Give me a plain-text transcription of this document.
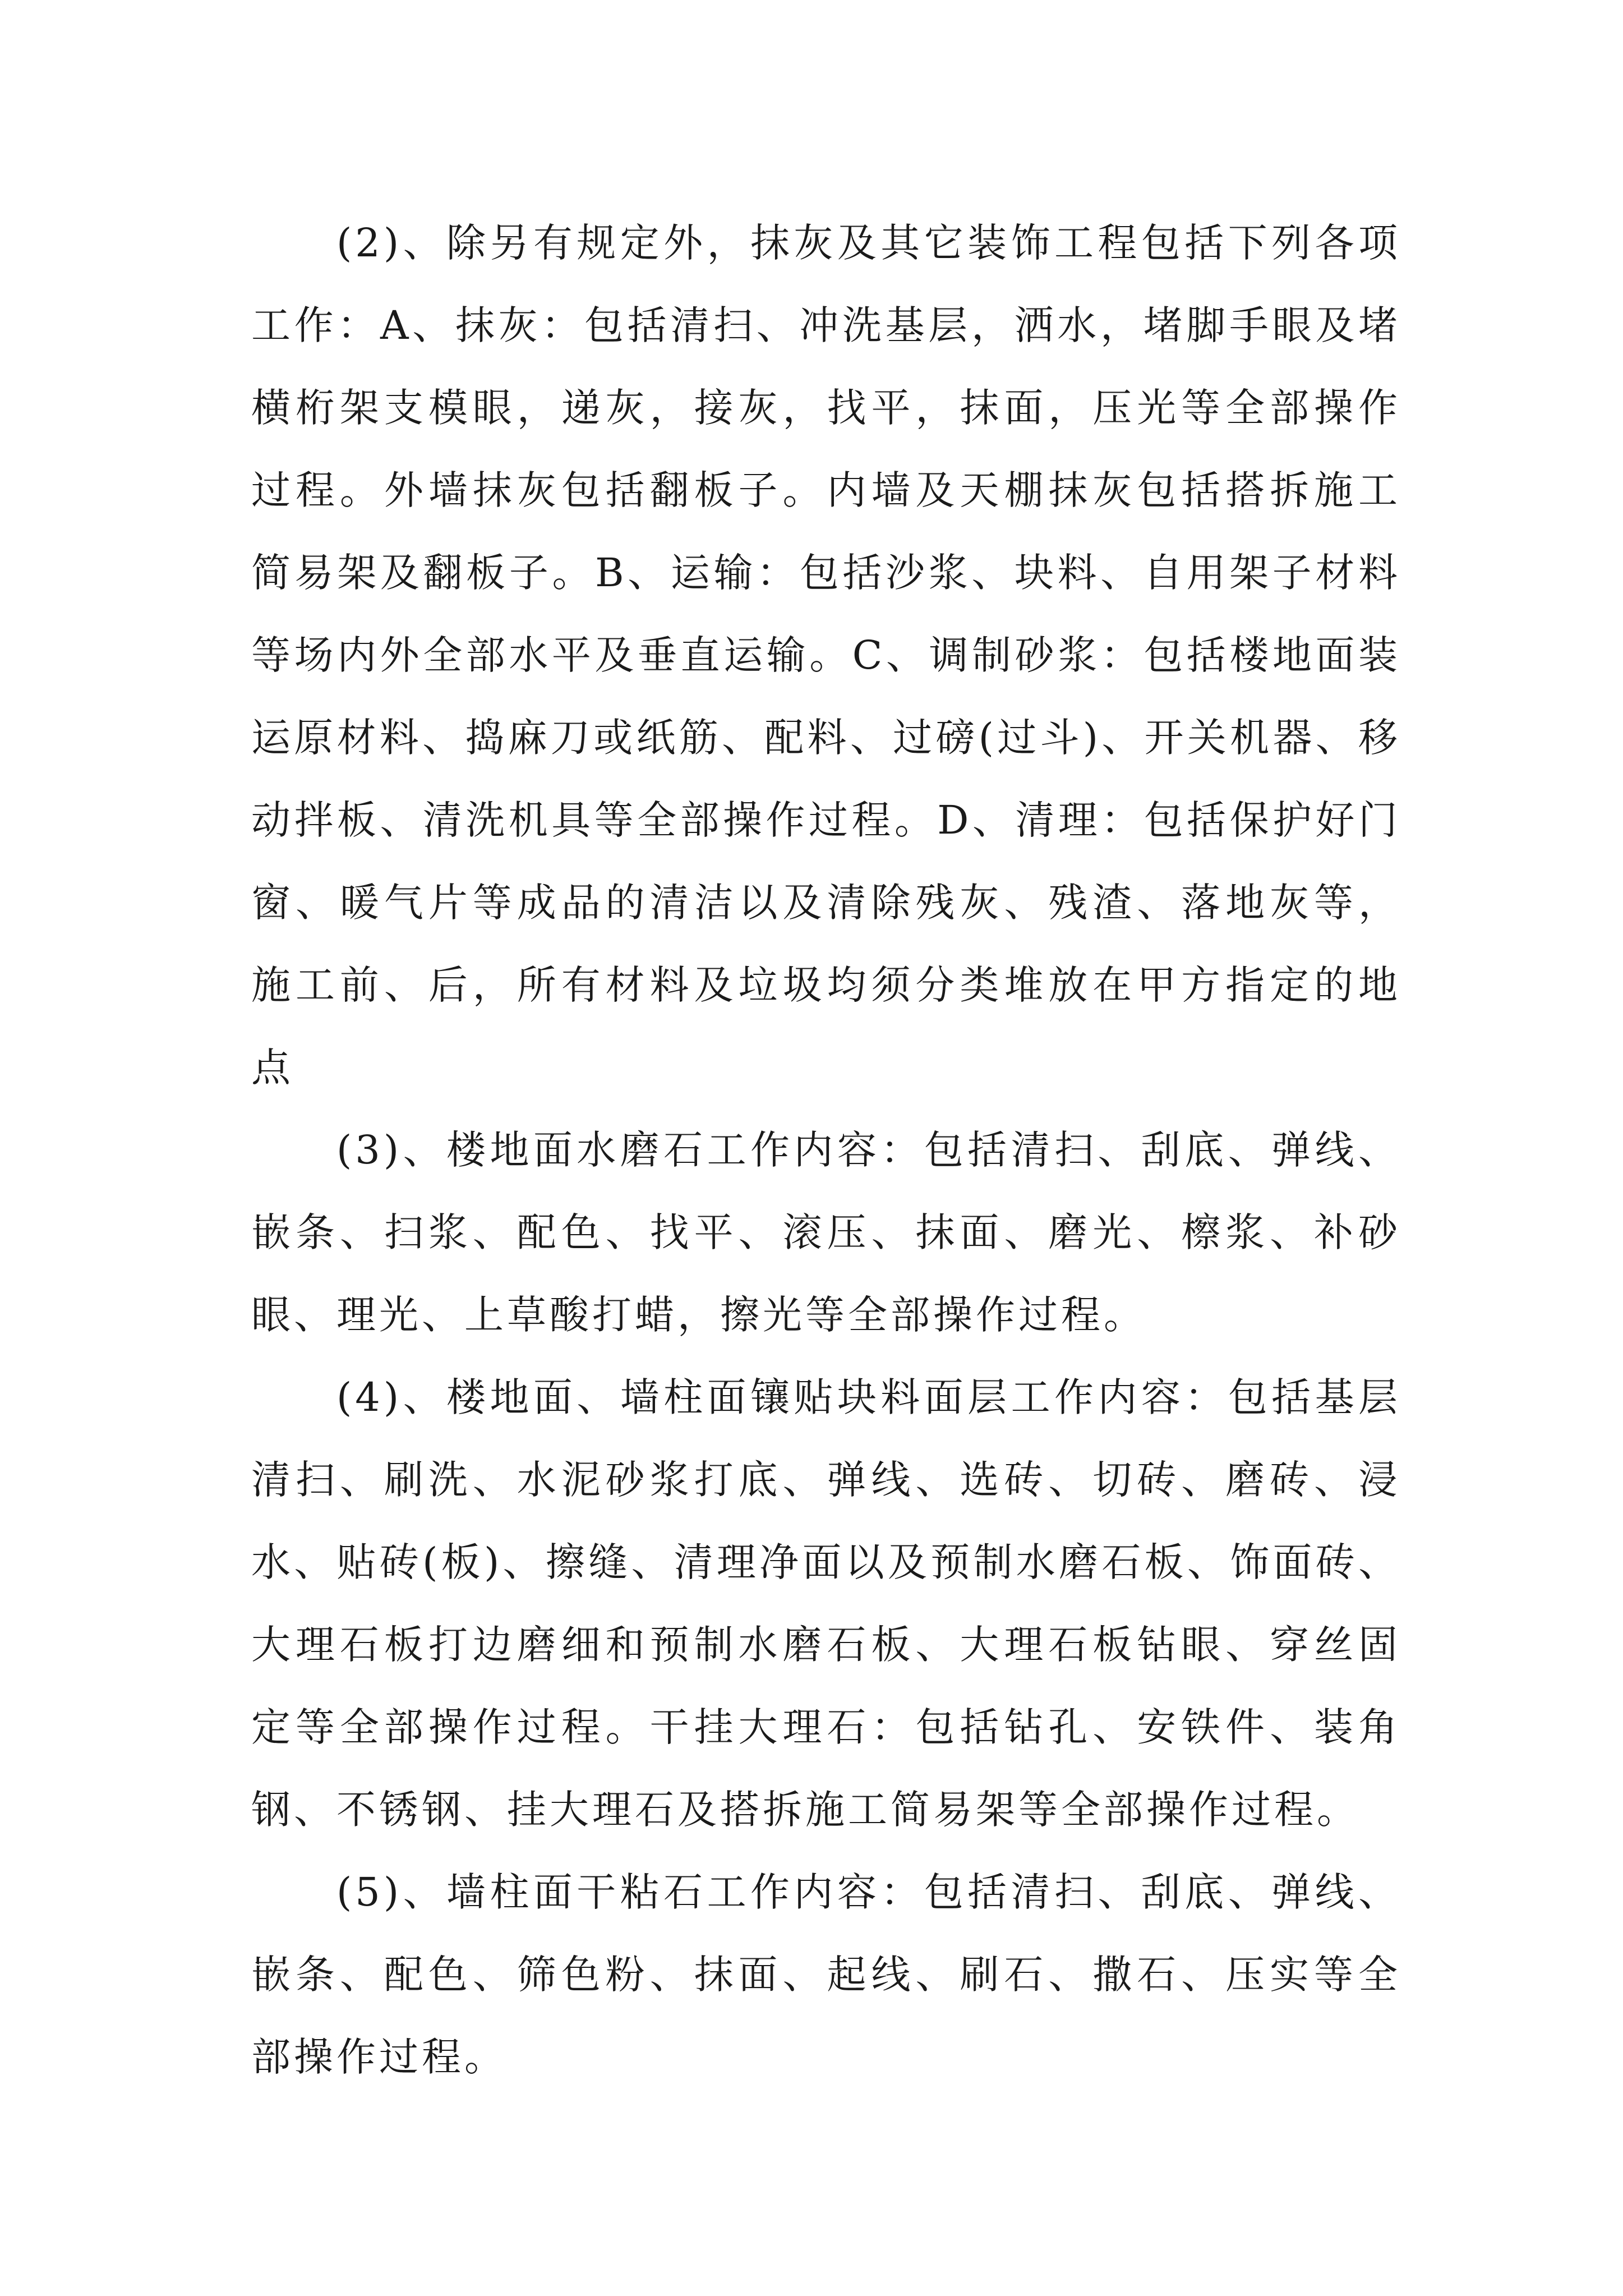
(2)、除另有规定外，抹灰及其它装饰工程包括下列各项工作：A、抹灰：包括清扫、冲洗基层，洒水，堵脚手眼及堵横桁架支模眼，递灰，接灰，找平，抹面，压光等全部操作过程。外墙抹灰包括翻板子。内墙及天棚抹灰包括搭拆施工简易架及翻板子。B、运输：包括沙浆、块料、自用架子材料等场内外全部水平及垂直运输。C、调制砂浆：包括楼地面装运原材料、捣麻刀或纸筋、配料、过磅(过斗)、开关机器、移动拌板、清洗机具等全部操作过程。D、清理：包括保护好门窗、暖气片等成品的清洁以及清除残灰、残渣、落地灰等，施工前、后，所有材料及垃圾均须分类堆放在甲方指定的地点

(3)、楼地面水磨石工作内容：包括清扫、刮底、弹线、嵌条、扫浆、配色、找平、滚压、抹面、磨光、檫浆、补砂眼、理光、上草酸打蜡，擦光等全部操作过程。

(4)、楼地面、墙柱面镶贴块料面层工作内容：包括基层清扫、刷洗、水泥砂浆打底、弹线、选砖、切砖、磨砖、浸水、贴砖(板)、擦缝、清理净面以及预制水磨石板、饰面砖、大理石板打边磨细和预制水磨石板、大理石板钻眼、穿丝固定等全部操作过程。干挂大理石：包括钻孔、安铁件、装角钢、不锈钢、挂大理石及搭拆施工简易架等全部操作过程。

(5)、墙柱面干粘石工作内容：包括清扫、刮底、弹线、嵌条、配色、筛色粉、抹面、起线、刷石、撒石、压实等全部操作过程。
